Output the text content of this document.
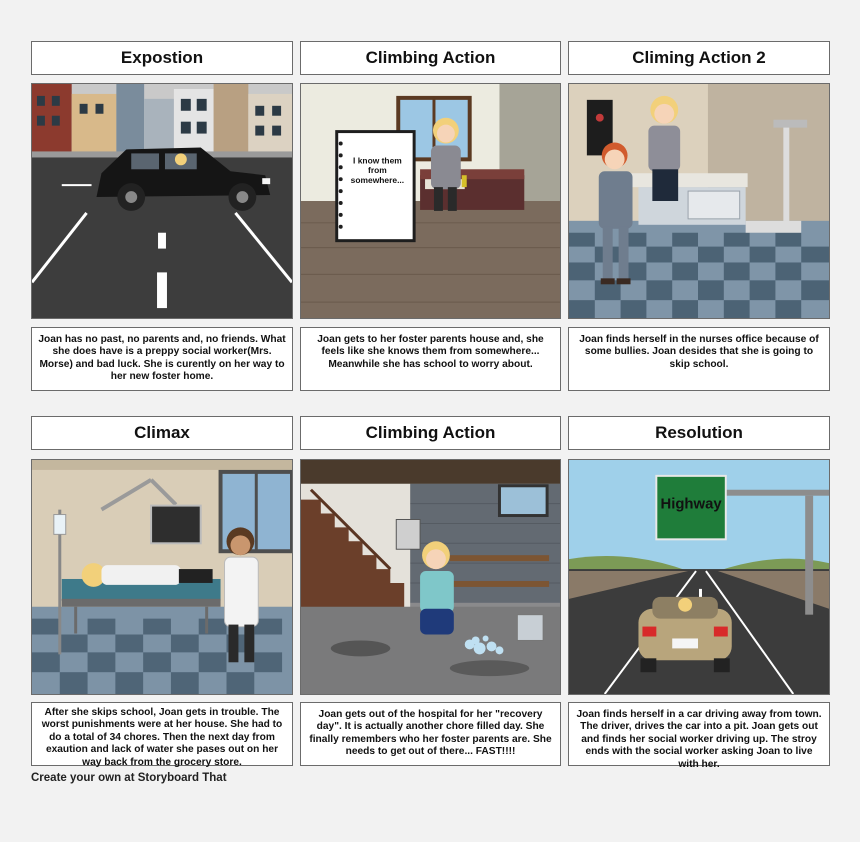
Expostion	Climbing Action	Climing Action 2
I know them from somewhere...
Joan has no past, no parents and, no friends. What she does have is a preppy social worker(Mrs. Morse) and bad luck. She is curently on her way to her new foster home.
Joan gets to her foster parents house and, she feels like she knows them from somewhere... Meanwhile she has school to worry about.
Joan finds herself in the nurses office because of some bullies. Joan desides that she is going to skip school.
Climax	Climbing Action	Resolution
Highway
After she skips school, Joan gets in trouble. The worst punishments were at her house. She had to do a total of 34 chores. Then the next day from exaution and lack of water she pases out on her way back from the grocery store.
Joan gets out of the hospital for her "recovery day". It is actually another chore filled day. She finally remembers who her foster parents are. She needs to get out of there... FAST!!!!
Joan finds herself in a car driving away from town. The driver, drives the car into a pit. Joan gets out and finds her social worker driving up. The stroy ends with the social worker asking Joan to live with her.
Create your own at Storyboard That
